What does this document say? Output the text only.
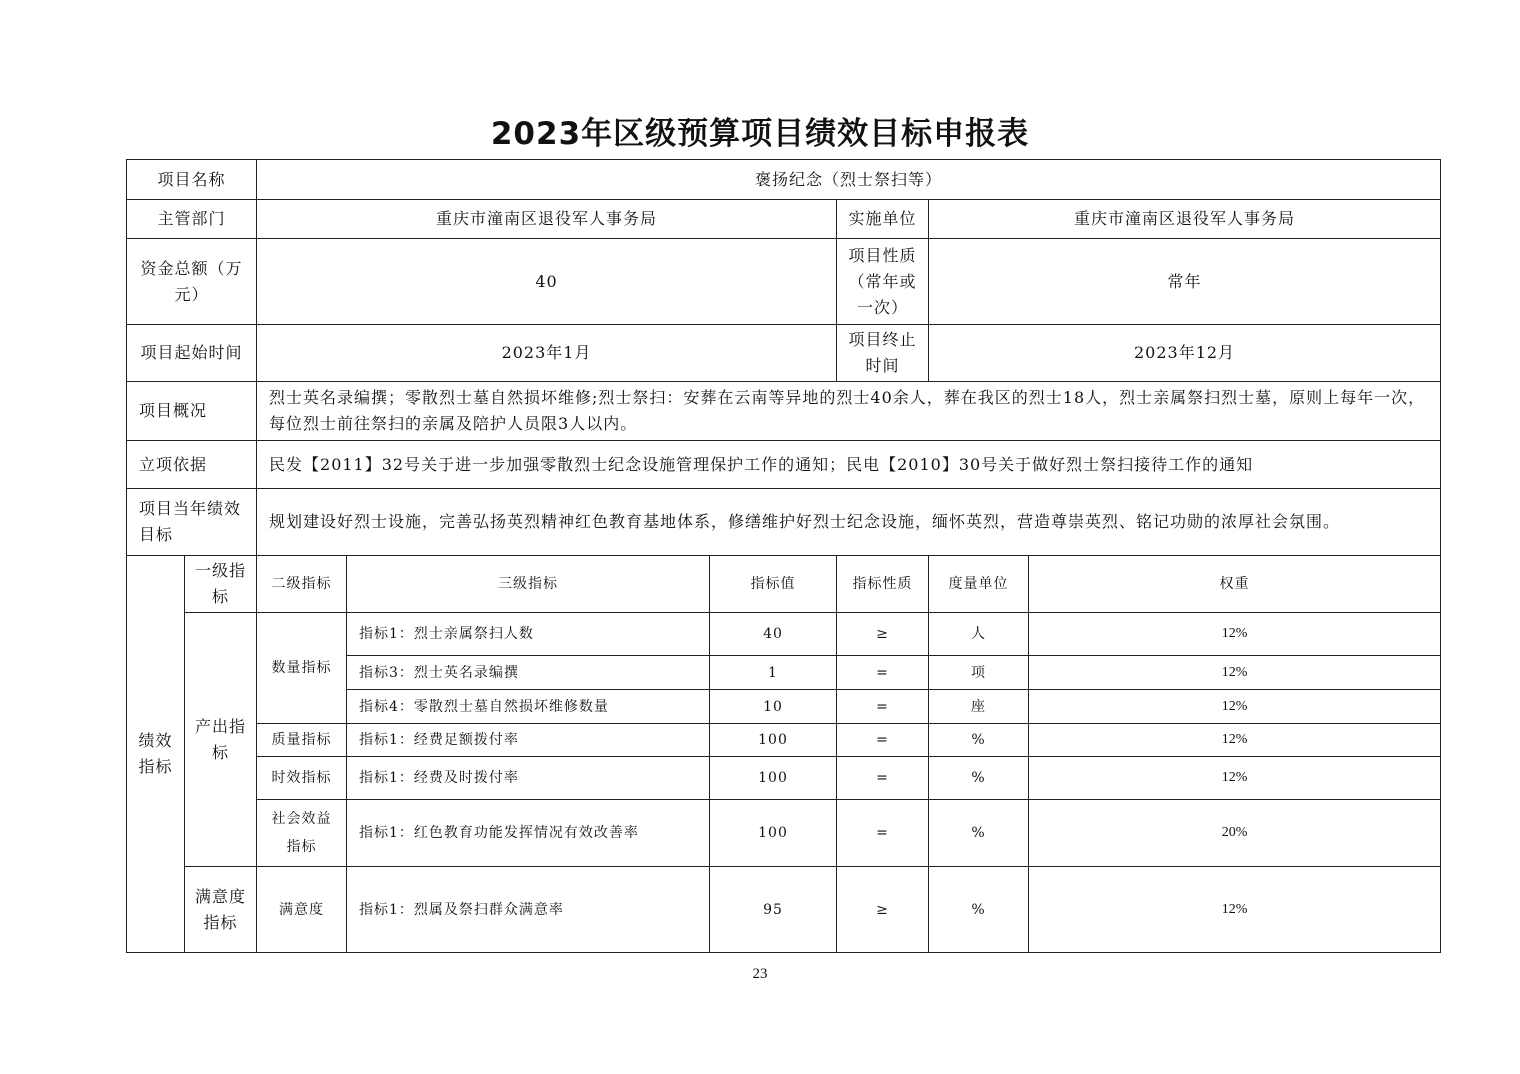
2023年区级预算项目绩效目标申报表
项目名称		褒扬纪念（烈士祭扫等）					
主管部门		重庆市潼南区退役军人事务局			实施单位	重庆市潼南区退役军人事务局	
资金总额（万元）		40			项目性质（常年或一次）	常年	
项目起始时间		2023年1月			项目终止时间	2023年12月	
项目概况		烈士英名录编撰；零散烈士墓自然损坏维修;烈士祭扫：安葬在云南等异地的烈士40余人，葬在我区的烈士18人，烈士亲属祭扫烈士墓，原则上每年一次，每位烈士前往祭扫的亲属及陪护人员限3人以内。					
立项依据		民发【2011】32号关于进一步加强零散烈士纪念设施管理保护工作的通知；民电【2010】30号关于做好烈士祭扫接待工作的通知					
项目当年绩效目标		规划建设好烈士设施，完善弘扬英烈精神红色教育基地体系，修缮维护好烈士纪念设施，缅怀英烈，营造尊崇英烈、铭记功勋的浓厚社会氛围。					
绩效指标	一级指标	二级指标	三级指标	指标值	指标性质	度量单位	权重
	产出指标	数量指标	指标1：烈士亲属祭扫人数	40	≥	人	12%
			指标3：烈士英名录编撰	1	=	项	12%
			指标4：零散烈士墓自然损坏维修数量	10	=	座	12%
		质量指标	指标1：经费足额拨付率	100	=	%	12%
		时效指标	指标1：经费及时拨付率	100	=	%	12%
		社会效益指标	指标1：红色教育功能发挥情况有效改善率	100	=	%	20%
	满意度指标	满意度	指标1：烈属及祭扫群众满意率	95	≥	%	12%
23
